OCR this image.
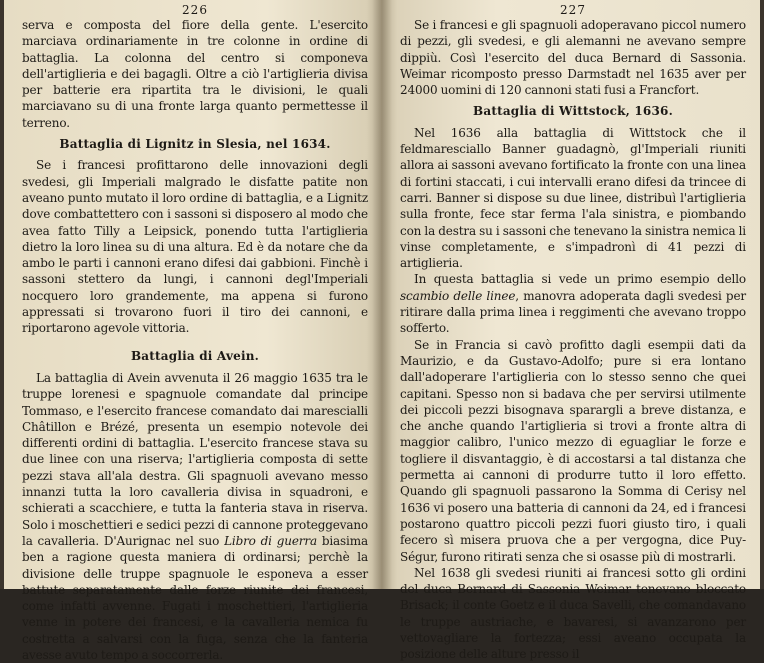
226

serva e composta del fiore della gente. L'esercito marciava ordinariamente in tre colonne in ordine di battaglia. La colonna del centro si componeva dell'artiglieria e dei bagagli. Oltre a ciò l'artiglieria divisa per batterie era ripartita tra le divisioni, le quali marciavano su di una fronte larga quanto permettesse il terreno.

Battaglia di Lignitz in Slesia, nel 1634.

Se i francesi profittarono delle innovazioni degli svedesi, gli Imperiali malgrado le disfatte patite non aveano punto mutato il loro ordine di battaglia, e a Lignitz dove combattettero con i sassoni si disposero al modo che avea fatto Tilly a Leipsick, ponendo tutta l'artiglieria dietro la loro linea su di una altura. Ed è da notare che da ambo le parti i cannoni erano difesi dai gabbioni. Finchè i sassoni stettero da lungi, i cannoni degl'Imperiali nocquero loro grandemente, ma appena si furono appressati si trovarono fuori il tiro dei cannoni, e riportarono agevole vittoria.

Battaglia di Avein.

La battaglia di Avein avvenuta il 26 maggio 1635 tra le truppe lorenesi e spagnuole comandate dal principe Tommaso, e l'esercito francese comandato dai marescialli Châtillon e Brézé, presenta un esempio notevole dei differenti ordini di battaglia. L'esercito francese stava su due linee con una riserva; l'artiglieria composta di sette pezzi stava all'ala destra. Gli spagnuoli avevano messo innanzi tutta la loro cavalleria divisa in squadroni, e schierati a scacchiere, e tutta la fanteria stava in riserva. Solo i moschettieri e sedici pezzi di cannone proteggevano la cavalleria. D'Aurignac nel suo Libro di guerra biasima ben a ragione questa maniera di ordinarsi; perchè la divisione delle truppe spagnuole le esponeva a esser battute separatamente dalle forze riunite dei francesi, come infatti avvenne. Fugati i moschettieri, l'artiglieria venne in potere dei francesi, e la cavalleria nemica fu costretta a salvarsi con la fuga, senza che la fanteria avesse avuto tempo a soccorrerla.

227

Se i francesi e gli spagnuoli adoperavano piccol numero di pezzi, gli svedesi, e gli alemanni ne avevano sempre dippiù. Così l'esercito del duca Bernard di Sassonia. Weimar ricomposto presso Darmstadt nel 1635 aver per 24000 uomini di 120 cannoni stati fusi a Francfort.

Battaglia di Wittstock, 1636.

Nel 1636 alla battaglia di Wittstock che il feldmaresciallo Banner guadagnò, gl'Imperiali riuniti allora ai sassoni avevano fortificato la fronte con una linea di fortini staccati, i cui intervalli erano difesi da trincee di carri. Banner si dispose su due linee, distribuì l'artiglieria sulla fronte, fece star ferma l'ala sinistra, e piombando con la destra su i sassoni che tenevano la sinistra nemica li vinse completamente, e s'impadronì di 41 pezzi di artiglieria.

In questa battaglia si vede un primo esempio dello scambio delle linee, manovra adoperata dagli svedesi per ritirare dalla prima linea i reggimenti che avevano troppo sofferto.

Se in Francia si cavò profitto dagli esempii dati da Maurizio, e da Gustavo-Adolfo; pure si era lontano dall'adoperare l'artiglieria con lo stesso senno che quei capitani. Spesso non si badava che per servirsi utilmente dei piccoli pezzi bisognava sparargli a breve distanza, e che anche quando l'artiglieria si trovi a fronte altra di maggior calibro, l'unico mezzo di eguagliar le forze e togliere il disvantaggio, è di accostarsi a tal distanza che permetta ai cannoni di produrre tutto il loro effetto. Quando gli spagnuoli passarono la Somma di Cerisy nel 1636 vi posero una batteria di cannoni da 24, ed i francesi postarono quattro piccoli pezzi fuori giusto tiro, i quali fecero sì misera pruova che a per vergogna, dice Puy-Ségur, furono ritirati senza che si osasse più di mostrarli.

Nel 1638 gli svedesi riuniti ai francesi sotto gli ordini del duca Bernard di Sassonia Weimar tenevano bloccato Brisack; il conte Goetz e il duca Savelli, che comandavano le truppe austriache, e bavaresi, si avanzarono per vettovagliare la fortezza; essi aveano occupata la posizione delle alture presso il
